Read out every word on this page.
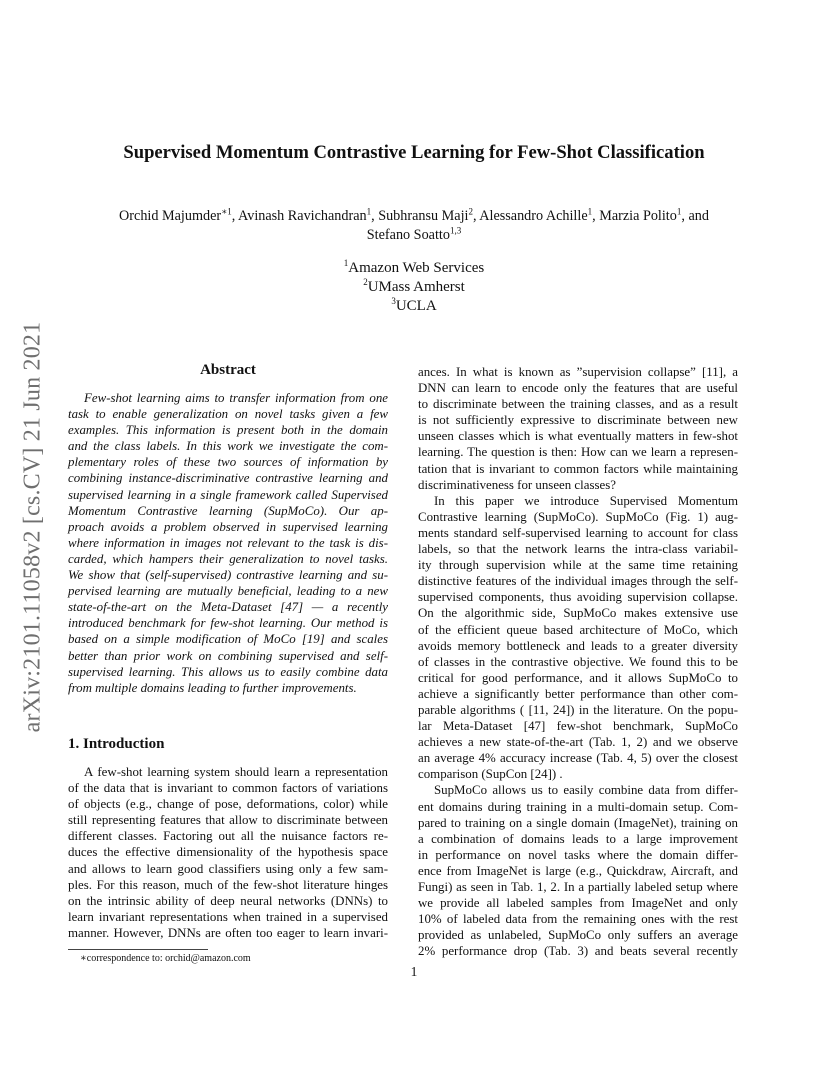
arXiv:2101.11058v2 [cs.CV] 21 Jun 2021
Supervised Momentum Contrastive Learning for Few-Shot Classification
Orchid Majumder$^{∗1}$, Avinash Ravichandran$^1$, Subhransu Maji$^2$, Alessandro Achille$^1$, Marzia Polito$^1$, and
Stefano Soatto$^{1,3}$
$^1$Amazon Web Services
$^2$UMass Amherst
$^3$UCLA
Abstract
Few-shot learning aims to transfer information from one
task to enable generalization on novel tasks given a few
examples. This information is present both in the domain
and the class labels. In this work we investigate the com-
plementary roles of these two sources of information by
combining instance-discriminative contrastive learning and
supervised learning in a single framework called Supervised
Momentum Contrastive learning (SupMoCo). Our ap-
proach avoids a problem observed in supervised learning
where information in images not relevant to the task is dis-
carded, which hampers their generalization to novel tasks.
We show that (self-supervised) contrastive learning and su-
pervised learning are mutually beneficial, leading to a new
state-of-the-art on the Meta-Dataset [47] — a recently
introduced benchmark for few-shot learning. Our method is
based on a simple modification of MoCo [19] and scales
better than prior work on combining supervised and self-
supervised learning. This allows us to easily combine data
from multiple domains leading to further improvements.
1. Introduction
A few-shot learning system should learn a representation
of the data that is invariant to common factors of variations
of objects (e.g., change of pose, deformations, color) while
still representing features that allow to discriminate between
different classes. Factoring out all the nuisance factors re-
duces the effective dimensionality of the hypothesis space
and allows to learn good classifiers using only a few sam-
ples. For this reason, much of the few-shot literature hinges
on the intrinsic ability of deep neural networks (DNNs) to
learn invariant representations when trained in a supervised
manner. However, DNNs are often too eager to learn invari-
ances. In what is known as ”supervision collapse” [11], a
DNN can learn to encode only the features that are useful
to discriminate between the training classes, and as a result
is not sufficiently expressive to discriminate between new
unseen classes which is what eventually matters in few-shot
learning. The question is then: How can we learn a represen-
tation that is invariant to common factors while maintaining
discriminativeness for unseen classes?
In this paper we introduce Supervised Momentum
Contrastive learning (SupMoCo). SupMoCo (Fig. 1) aug-
ments standard self-supervised learning to account for class
labels, so that the network learns the intra-class variabil-
ity through supervision while at the same time retaining
distinctive features of the individual images through the self-
supervised components, thus avoiding supervision collapse.
On the algorithmic side, SupMoCo makes extensive use
of the efficient queue based architecture of MoCo, which
avoids memory bottleneck and leads to a greater diversity
of classes in the contrastive objective. We found this to be
critical for good performance, and it allows SupMoCo to
achieve a significantly better performance than other com-
parable algorithms ( [11, 24]) in the literature. On the popu-
lar Meta-Dataset [47] few-shot benchmark, SupMoCo
achieves a new state-of-the-art (Tab. 1, 2) and we observe
an average 4% accuracy increase (Tab. 4, 5) over the closest
comparison (SupCon [24]) .
SupMoCo allows us to easily combine data from differ-
ent domains during training in a multi-domain setup. Com-
pared to training on a single domain (ImageNet), training on
a combination of domains leads to a large improvement
in performance on novel tasks where the domain differ-
ence from ImageNet is large (e.g., Quickdraw, Aircraft, and
Fungi) as seen in Tab. 1, 2. In a partially labeled setup where
we provide all labeled samples from ImageNet and only
10% of labeled data from the remaining ones with the rest
provided as unlabeled, SupMoCo only suffers an average
2% performance drop (Tab. 3) and beats several recently
∗correspondence to: orchid@amazon.com
1
